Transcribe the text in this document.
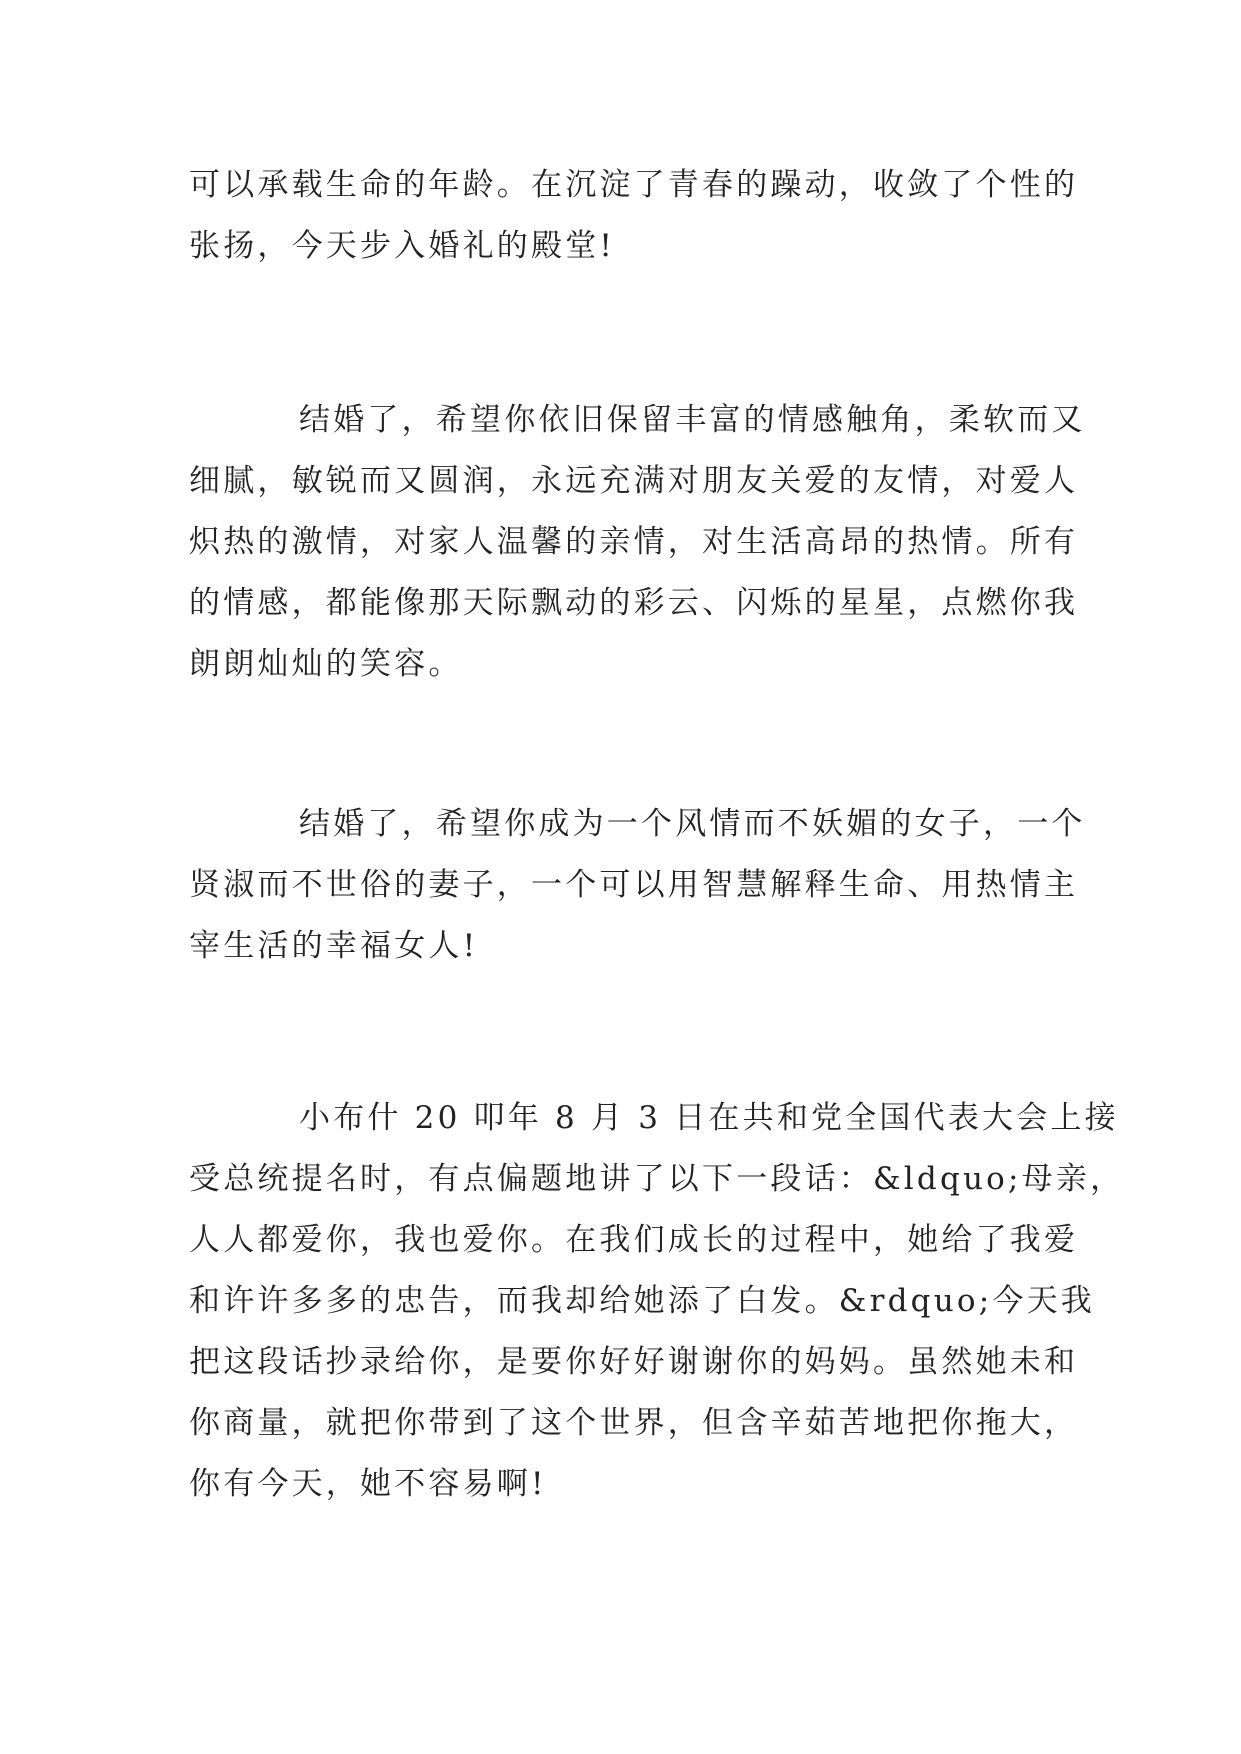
可以承载生命的年龄。在沉淀了青春的躁动，收敛了个性的
张扬，今天步入婚礼的殿堂!

结婚了，希望你依旧保留丰富的情感触角，柔软而又
细腻，敏锐而又圆润，永远充满对朋友关爱的友情，对爱人
炽热的激情，对家人温馨的亲情，对生活高昂的热情。所有
的情感，都能像那天际飘动的彩云、闪烁的星星，点燃你我
朗朗灿灿的笑容。

结婚了，希望你成为一个风情而不妖媚的女子，一个
贤淑而不世俗的妻子，一个可以用智慧解释生命、用热情主
宰生活的幸福女人!

小布什 20 叩年 8 月 3 日在共和党全国代表大会上接
受总统提名时，有点偏题地讲了以下一段话：&ldquo;母亲，
人人都爱你，我也爱你。在我们成长的过程中，她给了我爱
和许许多多的忠告，而我却给她添了白发。&rdquo;今天我
把这段话抄录给你，是要你好好谢谢你的妈妈。虽然她未和
你商量，就把你带到了这个世界，但含辛茹苦地把你拖大，
你有今天，她不容易啊!
